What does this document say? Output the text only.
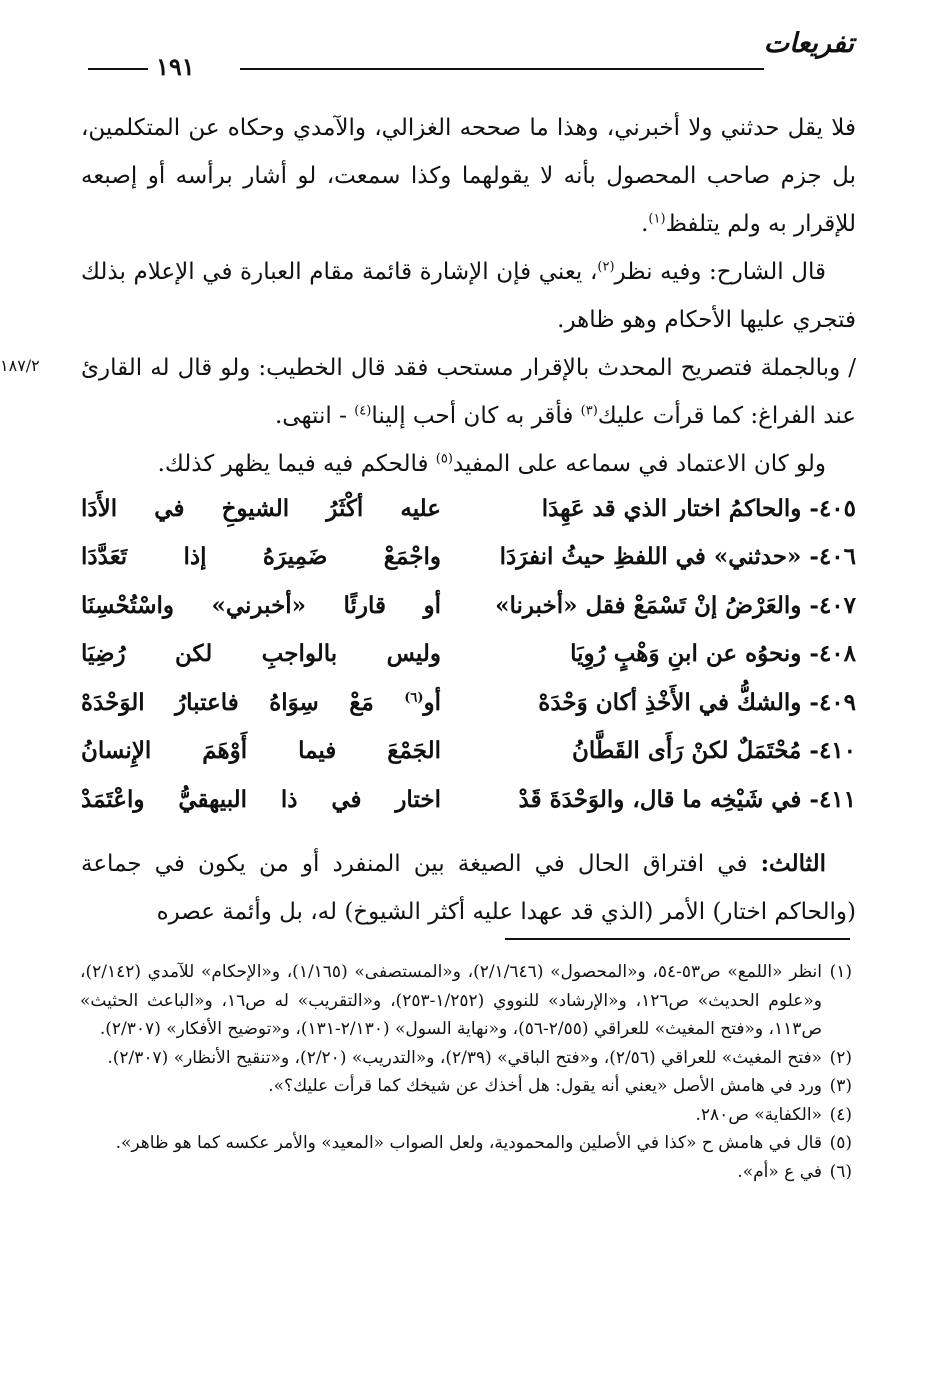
تفريعات
١٩١
١٨٧/٢

فلا يقل حدثني ولا أخبرني، وهذا ما صححه الغزالي، والآمدي وحكاه عن المتكلمين، بل جزم صاحب المحصول بأنه لا يقولهما وكذا سمعت، لو أشار برأسه أو إصبعه للإقرار به ولم يتلفظ$^{(١)}$.

قال الشارح: وفيه نظر$^{(٢)}$، يعني فإن الإشارة قائمة مقام العبارة في الإعلام بذلك فتجري عليها الأحكام وهو ظاهر.

/ وبالجملة فتصريح المحدث بالإقرار مستحب فقد قال الخطيب: ولو قال له القارئ عند الفراغ: كما قرأت عليك$^{(٣)}$ فأقر به كان أحب إلينا$^{(٤)}$ - انتهى.

ولو كان الاعتماد في سماعه على المفيد$^{(٥)}$ فالحكم فيه فيما يظهر كذلك.

٤٠٥-
والحاكمُ اختار الذي قد عَهِدَا
عليه أكْثَرُ الشيوخِ في الأَدَا
٤٠٦-
«حدثني» في اللفظِ حيثُ انفرَدَا
واجْمَعْ ضَمِيرَهُ إذا تَعَدَّدَا
٤٠٧-
والعَرْضُ إنْ تَسْمَعْ فقل «أخبرنا»
أو قارئًا «أخبرني» واسْتُحْسِنَا
٤٠٨-
ونحوُه عن ابنِ وَهْبٍ رُوِيَا
وليس بالواجبِ لكن رُضِيَا
٤٠٩-
والشكُّ في الأَخْذِ أكان وَحْدَهْ
أو$^{(٦)}$ مَعْ سِوَاهُ فاعتبارُ الوَحْدَهْ
٤١٠-
مُحْتَمَلٌ لكنْ رَأَى القَطَّانُ
الجَمْعَ فيما أَوْهَمَ الإِنسانُ
٤١١-
في شَيْخِه ما قال، والوَحْدَةَ قَدْ
اختار في ذا البيهقيُّ واعْتَمَدْ

الثالث: في افتراق الحال في الصيغة بين المنفرد أو من يكون في جماعة (والحاكم اختار) الأمر (الذي قد عهدا عليه أكثر الشيوخ) له، بل وأئمة عصره

(١)
انظر «اللمع» ص٥٣-٥٤، و«المحصول» (٢/١/٦٤٦)، و«المستصفى» (١/١٦٥)، و«الإحكام» للآمدي (٢/١٤٢)، و«علوم الحديث» ص١٢٦، و«الإرشاد» للنووي (١/٢٥٢-٢٥٣)، و«التقريب» له ص١٦، و«الباعث الحثيث» ص١١٣، و«فتح المغيث» للعراقي (٢/٥٥-٥٦)، و«نهاية السول» (٢/١٣٠-١٣١)، و«توضيح الأفكار» (٢/٣٠٧).
(٢)
«فتح المغيث» للعراقي (٢/٥٦)، و«فتح الباقي» (٢/٣٩)، و«التدريب» (٢/٢٠)، و«تنقيح الأنظار» (٢/٣٠٧).
(٣)
ورد في هامش الأصل «يعني أنه يقول: هل أخذك عن شيخك كما قرأت عليك؟».
(٤)
«الكفاية» ص٢٨٠.
(٥)
قال في هامش ح «كذا في الأصلين والمحمودية، ولعل الصواب «المعيد» والأمر عكسه كما هو ظاهر».
(٦)
في ع «أم».
